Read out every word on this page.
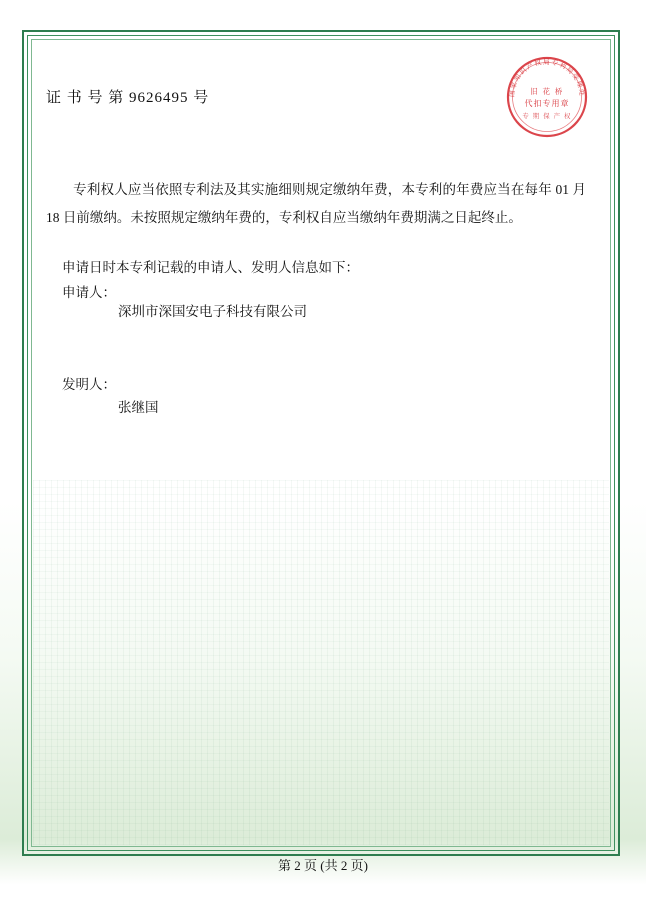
证 书 号 第 9626495 号	国家知识产权局专利局受理处
旧 花 桥
代扣专用章
专 期 保 产 权
专利权人应当依照专利法及其实施细则规定缴纳年费，本专利的年费应当在每年 01 月 18 日前缴纳。未按照规定缴纳年费的，专利权自应当缴纳年费期满之日起终止。
申请日时本专利记载的申请人、发明人信息如下：
申请人：
深圳市深国安电子科技有限公司
发明人：
张继国
第 2 页 (共 2 页)
